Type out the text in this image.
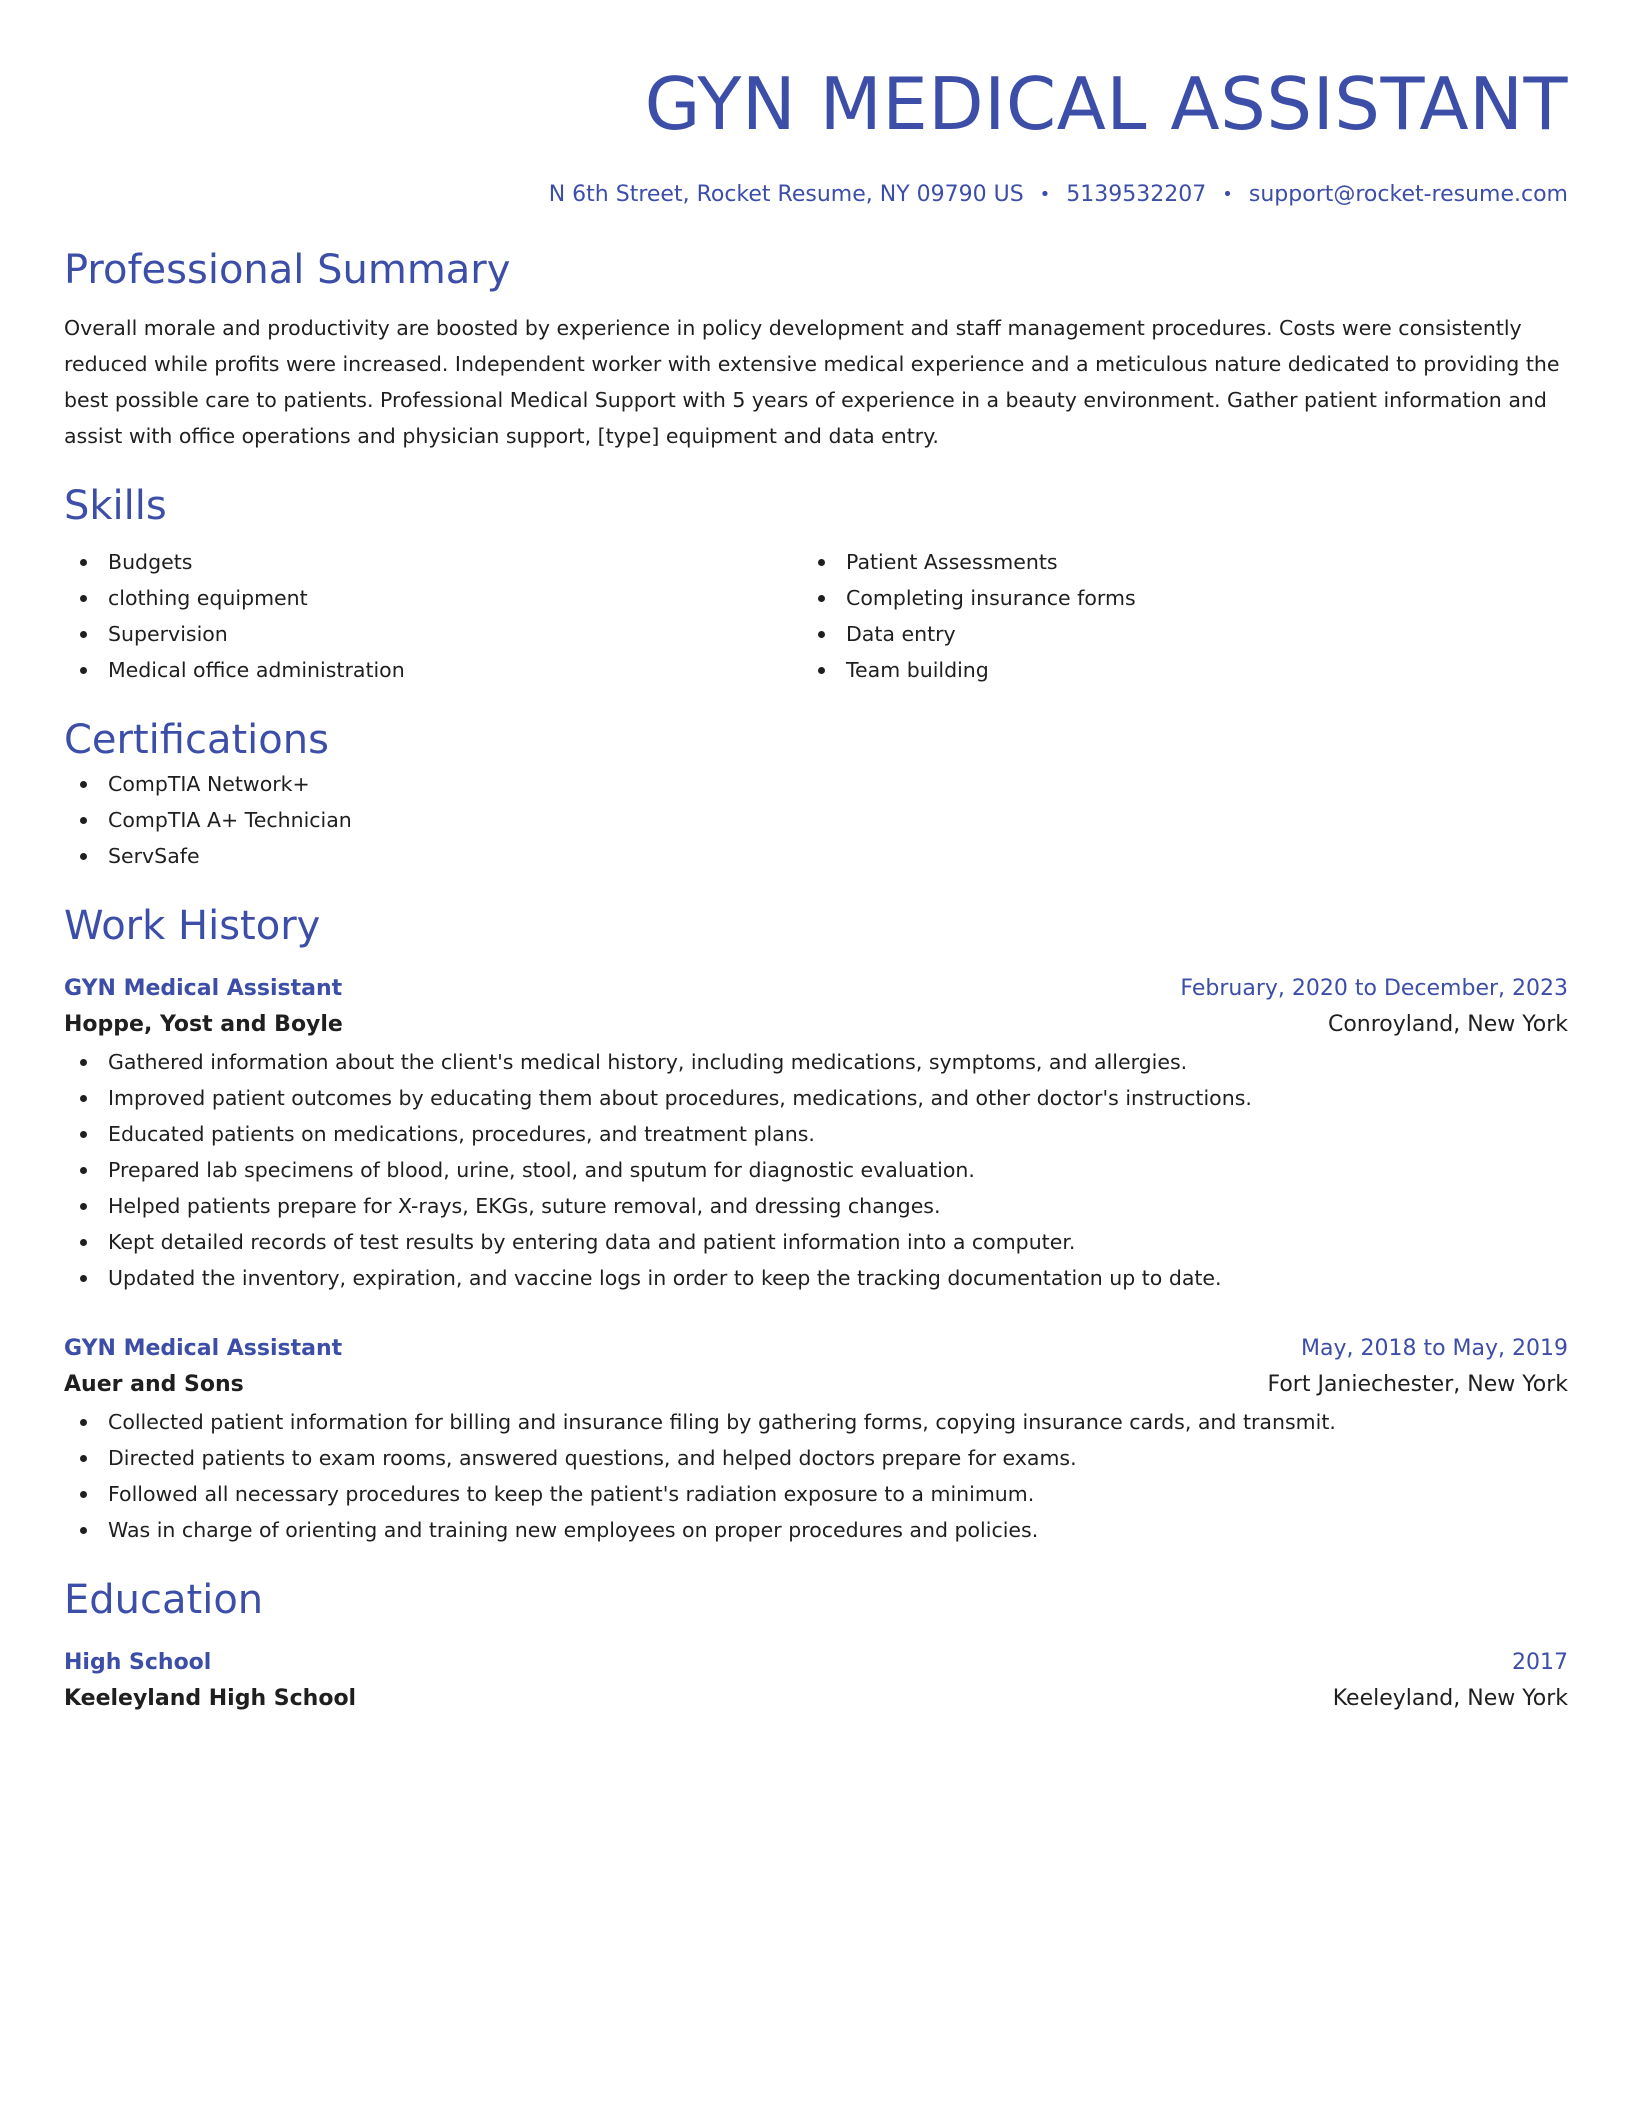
GYN MEDICAL ASSISTANT
N 6th Street, Rocket Resume, NY 09790 US • 5139532207 • support@rocket-resume.com
Professional Summary

Overall morale and productivity are boosted by experience in policy development and staff management procedures. Costs were consistently reduced while profits were increased. Independent worker with extensive medical experience and a meticulous nature dedicated to providing the best possible care to patients. Professional Medical Support with 5 years of experience in a beauty environment. Gather patient information and assist with office operations and physician support, [type] equipment and data entry.

Skills
Budgets
clothing equipment
Supervision
Medical office administration
Patient Assessments
Completing insurance forms
Data entry
Team building
Certifications
CompTIA Network+
CompTIA A+ Technician
ServSafe
Work History
GYN Medical Assistant	February, 2020 to December, 2023
Hoppe, Yost and Boyle	Conroyland, New York
Gathered information about the client's medical history, including medications, symptoms, and allergies.
Improved patient outcomes by educating them about procedures, medications, and other doctor's instructions.
Educated patients on medications, procedures, and treatment plans.
Prepared lab specimens of blood, urine, stool, and sputum for diagnostic evaluation.
Helped patients prepare for X-rays, EKGs, suture removal, and dressing changes.
Kept detailed records of test results by entering data and patient information into a computer.
Updated the inventory, expiration, and vaccine logs in order to keep the tracking documentation up to date.
GYN Medical Assistant	May, 2018 to May, 2019
Auer and Sons	Fort Janiechester, New York
Collected patient information for billing and insurance filing by gathering forms, copying insurance cards, and transmit.
Directed patients to exam rooms, answered questions, and helped doctors prepare for exams.
Followed all necessary procedures to keep the patient's radiation exposure to a minimum.
Was in charge of orienting and training new employees on proper procedures and policies.
Education
High School	2017
Keeleyland High School	Keeleyland, New York
